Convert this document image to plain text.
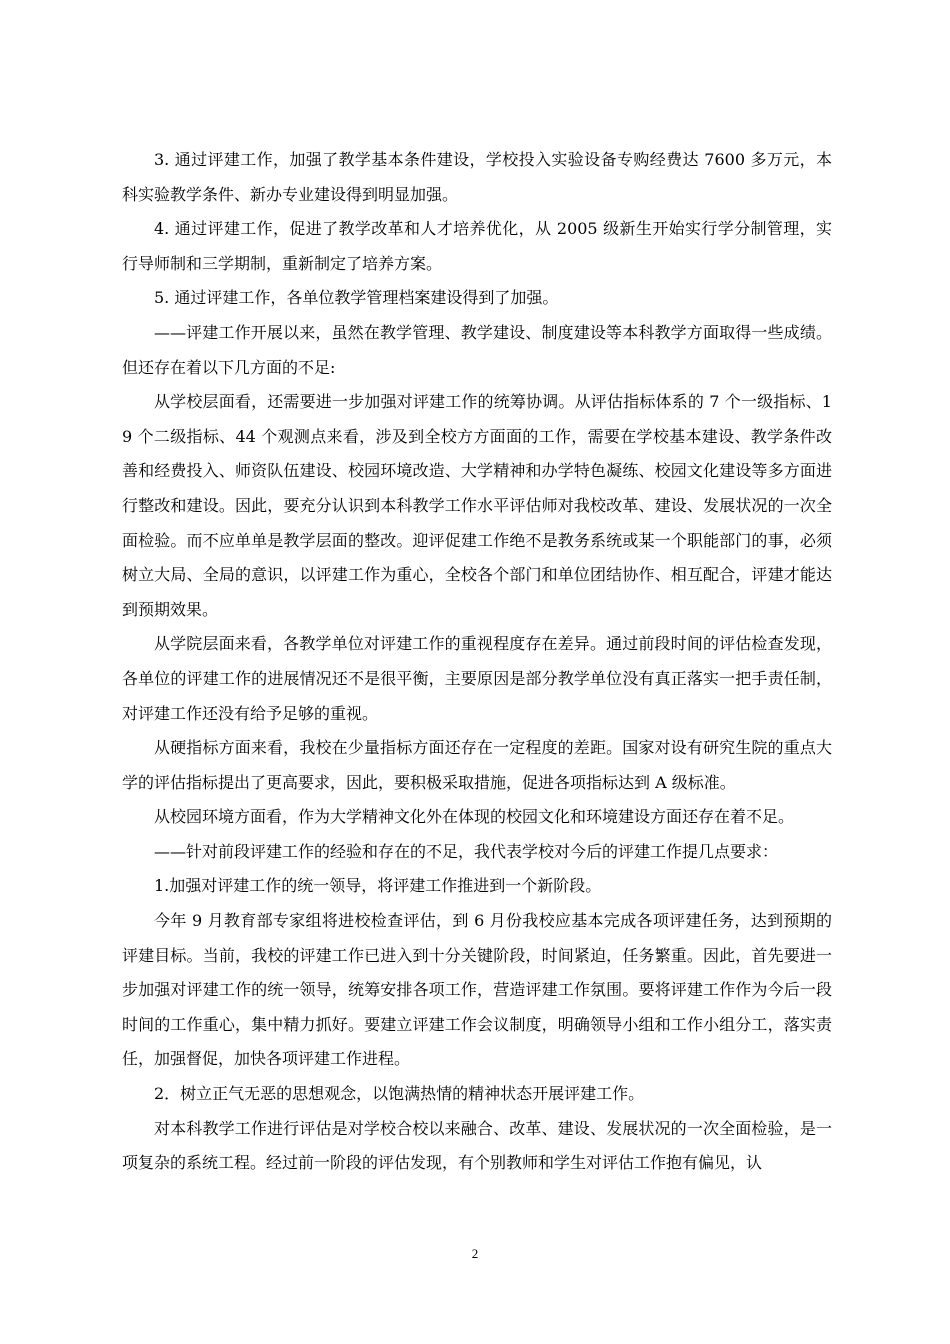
3. 通过评建工作，加强了教学基本条件建设，学校投入实验设备专购经费达 7600 多万元，本科实验教学条件、新办专业建设得到明显加强。

4. 通过评建工作，促进了教学改革和人才培养优化，从 2005 级新生开始实行学分制管理，实行导师制和三学期制，重新制定了培养方案。

5. 通过评建工作，各单位教学管理档案建设得到了加强。

——评建工作开展以来，虽然在教学管理、教学建设、制度建设等本科教学方面取得一些成绩。但还存在着以下几方面的不足:

从学校层面看，还需要进一步加强对评建工作的统筹协调。从评估指标体系的 7 个一级指标、19 个二级指标、44 个观测点来看，涉及到全校方方面面的工作，需要在学校基本建设、教学条件改善和经费投入、师资队伍建设、校园环境改造、大学精神和办学特色凝练、校园文化建设等多方面进行整改和建设。因此，要充分认识到本科教学工作水平评估师对我校改革、建设、发展状况的一次全面检验。而不应单单是教学层面的整改。迎评促建工作绝不是教务系统或某一个职能部门的事，必须树立大局、全局的意识，以评建工作为重心，全校各个部门和单位团结协作、相互配合，评建才能达到预期效果。

从学院层面来看，各教学单位对评建工作的重视程度存在差异。通过前段时间的评估检查发现，各单位的评建工作的进展情况还不是很平衡，主要原因是部分教学单位没有真正落实一把手责任制，对评建工作还没有给予足够的重视。

从硬指标方面来看，我校在少量指标方面还存在一定程度的差距。国家对设有研究生院的重点大学的评估指标提出了更高要求，因此，要积极采取措施，促进各项指标达到 A 级标准。

从校园环境方面看，作为大学精神文化外在体现的校园文化和环境建设方面还存在着不足。

——针对前段评建工作的经验和存在的不足，我代表学校对今后的评建工作提几点要求：

1.加强对评建工作的统一领导，将评建工作推进到一个新阶段。

今年 9 月教育部专家组将进校检查评估，到 6 月份我校应基本完成各项评建任务，达到预期的评建目标。当前，我校的评建工作已进入到十分关键阶段，时间紧迫，任务繁重。因此，首先要进一步加强对评建工作的统一领导，统筹安排各项工作，营造评建工作氛围。要将评建工作作为今后一段时间的工作重心，集中精力抓好。要建立评建工作会议制度，明确领导小组和工作小组分工，落实责任，加强督促，加快各项评建工作进程。

2．树立正气无恶的思想观念，以饱满热情的精神状态开展评建工作。

对本科教学工作进行评估是对学校合校以来融合、改革、建设、发展状况的一次全面检验，是一项复杂的系统工程。经过前一阶段的评估发现，有个别教师和学生对评估工作抱有偏见，认

2
